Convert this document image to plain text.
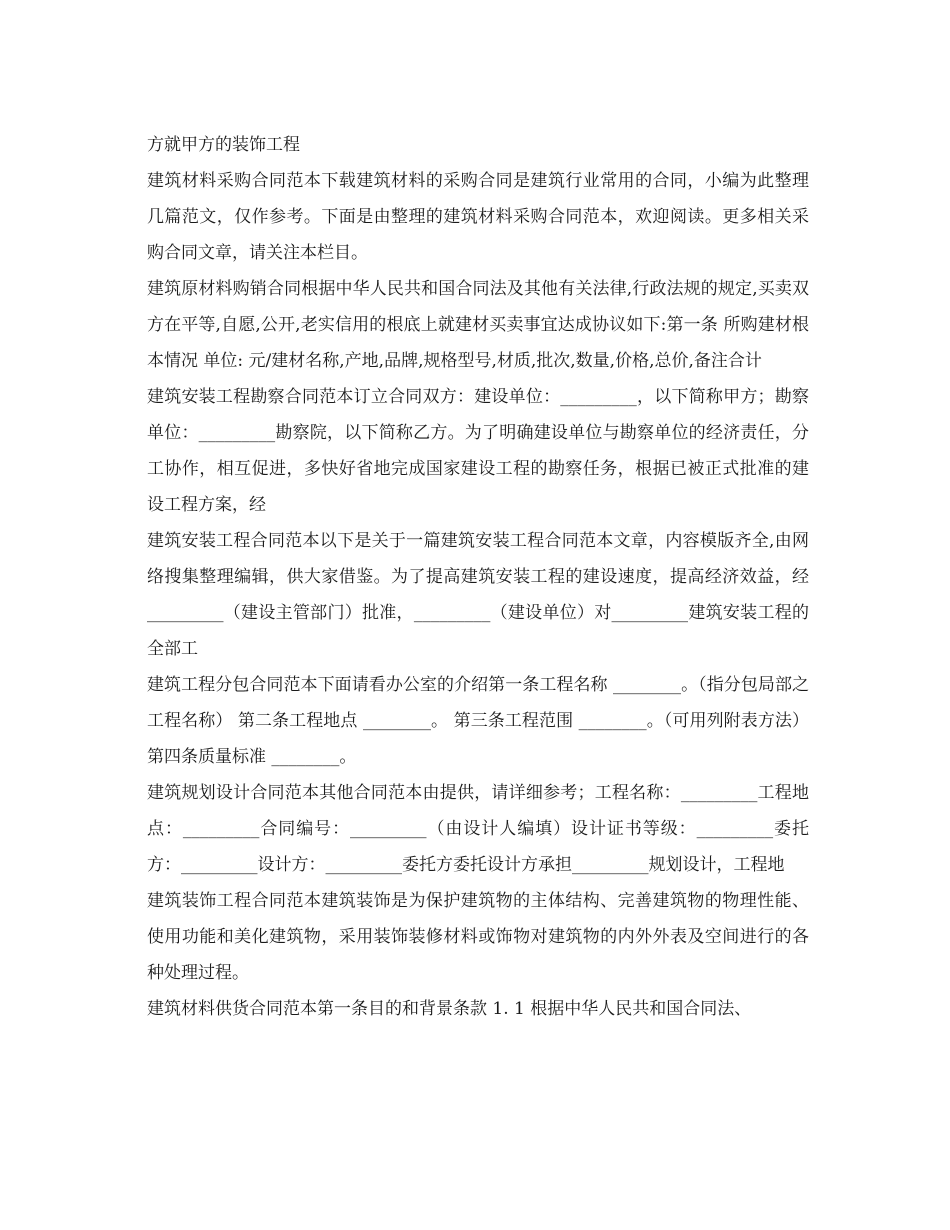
方就甲方的装饰工程

建筑材料采购合同范本下载建筑材料的采购合同是建筑行业常用的合同，小编为此整理几篇范文，仅作参考。下面是由整理的建筑材料采购合同范本，欢迎阅读。更多相关采购合同文章，请关注本栏目。

建筑原材料购销合同根据中华人民共和国合同法及其他有关法律,行政法规的规定,买卖双方在平等,自愿,公开,老实信用的根底上就建材买卖事宜达成协议如下:第一条 所购建材根本情况 单位: 元/建材名称,产地,品牌,规格型号,材质,批次,数量,价格,总价,备注合计

建筑安装工程勘察合同范本订立合同双方：建设单位：_________，以下简称甲方；勘察单位：_________勘察院，以下简称乙方。为了明确建设单位与勘察单位的经济责任，分工协作，相互促进，多快好省地完成国家建设工程的勘察任务，根据已被正式批准的建设工程方案，经

建筑安装工程合同范本以下是关于一篇建筑安装工程合同范本文章，内容模版齐全,由网络搜集整理编辑，供大家借鉴。为了提高建筑安装工程的建设速度，提高经济效益，经_________（建设主管部门）批准，_________（建设单位）对_________建筑安装工程的全部工

建筑工程分包合同范本下面请看办公室的介绍第一条工程名称 ________。（指分包局部之工程名称） 第二条工程地点 ________。 第三条工程范围 ________。（可用列附表方法） 第四条质量标准 ________。

建筑规划设计合同范本其他合同范本由提供，请详细参考；工程名称：_________工程地点：_________合同编号：_________（由设计人编填）设计证书等级：_________委托方：_________设计方：_________委托方委托设计方承担_________规划设计，工程地

建筑装饰工程合同范本建筑装饰是为保护建筑物的主体结构、完善建筑物的物理性能、使用功能和美化建筑物，采用装饰装修材料或饰物对建筑物的内外外表及空间进行的各种处理过程。

建筑材料供货合同范本第一条目的和背景条款 1. 1 根据中华人民共和国合同法、
